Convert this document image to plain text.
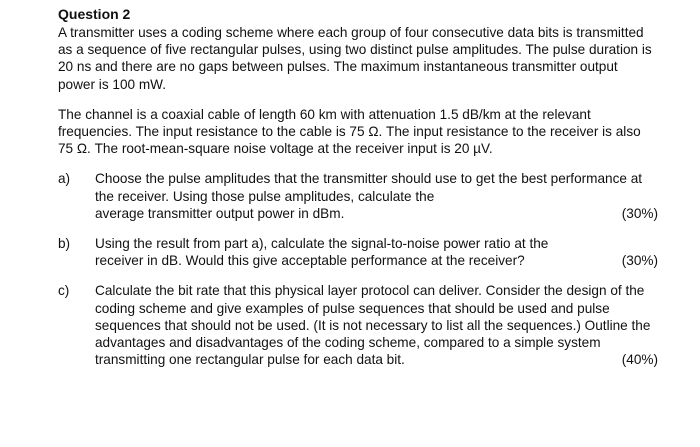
Question 2
A transmitter uses a coding scheme where each group of four consecutive data bits is transmitted as a sequence of five rectangular pulses, using two distinct pulse amplitudes. The pulse duration is 20 ns and there are no gaps between pulses. The maximum instantaneous transmitter output power is 100 mW.
The channel is a coaxial cable of length 60 km with attenuation 1.5 dB/km at the relevant frequencies. The input resistance to the cable is 75 Ω. The input resistance to the receiver is also 75 Ω. The root-mean-square noise voltage at the receiver input is 20 µV.
a)	Choose the pulse amplitudes that the transmitter should use to get the best performance at the receiver. Using those pulse amplitudes, calculate the
average transmitter output power in dBm.	(30%)
b)	Using the result from part a), calculate the signal-to-noise power ratio at the
receiver in dB. Would this give acceptable performance at the receiver?	(30%)
c)	Calculate the bit rate that this physical layer protocol can deliver. Consider the design of the coding scheme and give examples of pulse sequences that should be used and pulse sequences that should not be used. (It is not necessary to list all the sequences.) Outline the advantages and disadvantages of the coding scheme, compared to a simple system
transmitting one rectangular pulse for each data bit.	(40%)
